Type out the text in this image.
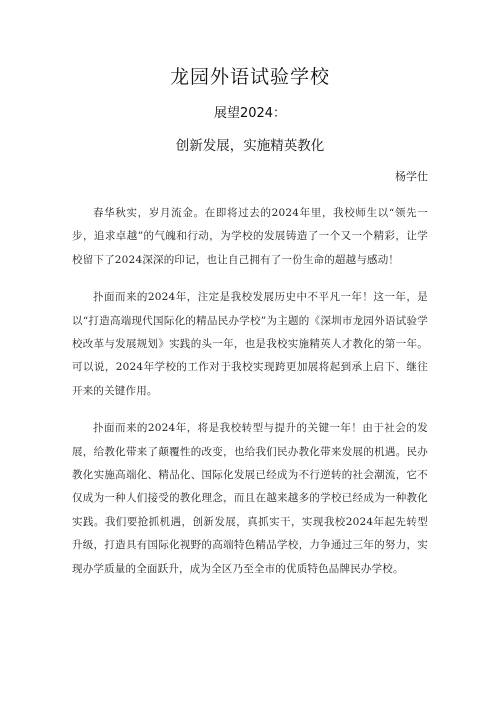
龙园外语试验学校
展望2024：
创新发展，实施精英教化
杨学仕

春华秋实，岁月流金。在即将过去的2024年里，我校师生以“领先一步，追求卓越”的气魄和行动，为学校的发展铸造了一个又一个精彩，让学校留下了2024深深的印记，也让自己拥有了一份生命的超越与感动！

扑面而来的2024年，注定是我校发展历史中不平凡一年！这一年，是以“打造高端现代国际化的精品民办学校”为主题的《深圳市龙园外语试验学校改革与发展规划》实践的头一年，也是我校实施精英人才教化的第一年。可以说，2024年学校的工作对于我校实现跨更加展将起到承上启下、继往开来的关键作用。

扑面而来的2024年，将是我校转型与提升的关键一年！由于社会的发展，给教化带来了颠覆性的改变，也给我们民办教化带来发展的机遇。民办教化实施高端化、精品化、国际化发展已经成为不行逆转的社会潮流，它不仅成为一种人们接受的教化理念，而且在越来越多的学校已经成为一种教化实践。我们要抢抓机遇，创新发展，真抓实干，实现我校2024年起先转型升级，打造具有国际化视野的高端特色精品学校，力争通过三年的努力，实现办学质量的全面跃升，成为全区乃至全市的优质特色品牌民办学校。
